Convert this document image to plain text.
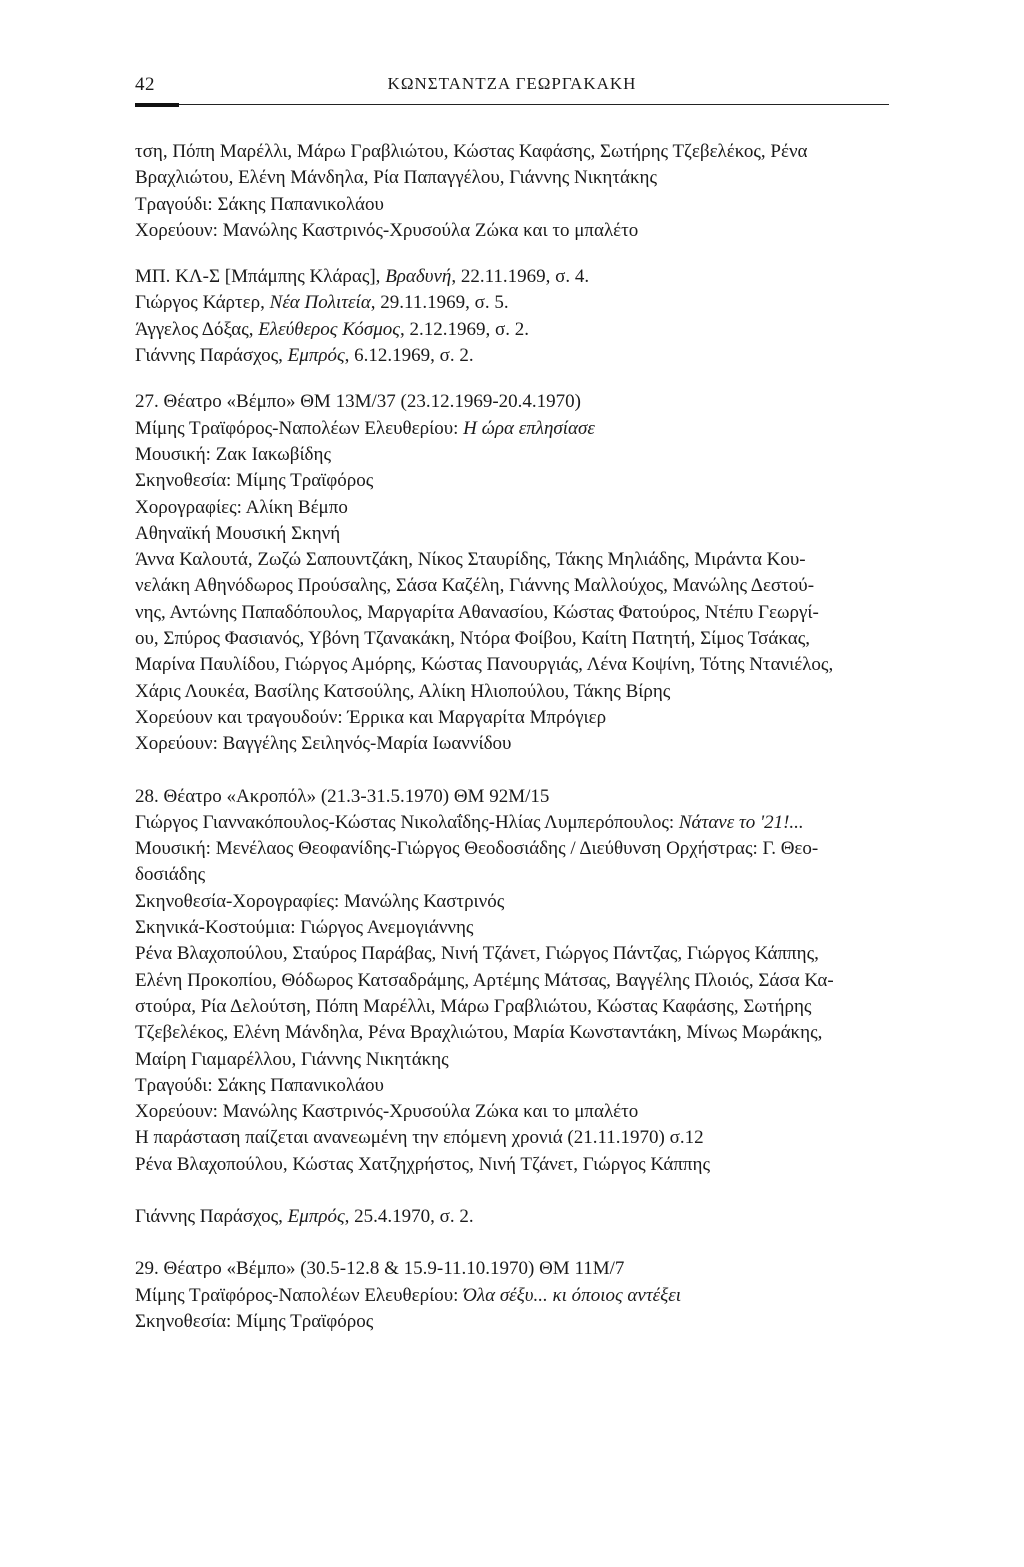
42	ΚΩΝΣΤΑΝΤΖΑ ΓΕΩΡΓΑΚΑΚΗ
τση, Πόπη Μαρέλλι, Μάρω Γραβλιώτου, Κώστας Καφάσης, Σωτήρης Τζεβελέκος, Ρένα
Βραχλιώτου, Ελένη Μάνδηλα, Ρία Παπαγγέλου, Γιάννης Νικητάκης
Τραγούδι: Σάκης Παπανικολάου
Χορεύουν: Μανώλης Καστρινός-Χρυσούλα Ζώκα και το μπαλέτο
ΜΠ. ΚΛ-Σ [Μπάμπης Κλάρας], Βραδυνή, 22.11.1969, σ. 4.
Γιώργος Κάρτερ, Νέα Πολιτεία, 29.11.1969, σ. 5.
Άγγελος Δόξας, Ελεύθερος Κόσμος, 2.12.1969, σ. 2.
Γιάννης Παράσχος, Εμπρός, 6.12.1969, σ. 2.
27. Θέατρο «Βέμπο» ΘΜ 13Μ/37 (23.12.1969-20.4.1970)
Μίμης Τραϊφόρος-Ναπολέων Ελευθερίου: Η ώρα επλησίασε
Μουσική: Ζακ Ιακωβίδης
Σκηνοθεσία: Μίμης Τραϊφόρος
Χορογραφίες: Αλίκη Βέμπο
Αθηναϊκή Μουσική Σκηνή
Άννα Καλουτά, Ζωζώ Σαπουντζάκη, Νίκος Σταυρίδης, Τάκης Μηλιάδης, Μιράντα Κου-
νελάκη Αθηνόδωρος Προύσαλης, Σάσα Καζέλη, Γιάννης Μαλλούχος, Μανώλης Δεστού-
νης, Αντώνης Παπαδόπουλος, Μαργαρίτα Αθανασίου, Κώστας Φατούρος, Ντέπυ Γεωργί-
ου, Σπύρος Φασιανός, Υβόνη Τζανακάκη, Ντόρα Φοίβου, Καίτη Πατητή, Σίμος Τσάκας,
Μαρίνα Παυλίδου, Γιώργος Αμόρης, Κώστας Πανουργιάς, Λένα Κοψίνη, Τότης Ντανιέλος,
Χάρις Λουκέα, Βασίλης Κατσούλης, Αλίκη Ηλιοπούλου, Τάκης Βίρης
Χορεύουν και τραγουδούν: Έρρικα και Μαργαρίτα Μπρόγιερ
Χορεύουν: Βαγγέλης Σειληνός-Μαρία Ιωαννίδου
28. Θέατρο «Ακροπόλ» (21.3-31.5.1970) ΘΜ 92Μ/15
Γιώργος Γιαννακόπουλος-Κώστας Νικολαΐδης-Ηλίας Λυμπερόπουλος: Νάτανε το '21!...
Μουσική: Μενέλαος Θεοφανίδης-Γιώργος Θεοδοσιάδης / Διεύθυνση Ορχήστρας: Γ. Θεο-
δοσιάδης
Σκηνοθεσία-Χορογραφίες: Μανώλης Καστρινός
Σκηνικά-Κοστούμια: Γιώργος Ανεμογιάννης
Ρένα Βλαχοπούλου, Σταύρος Παράβας, Νινή Τζάνετ, Γιώργος Πάντζας, Γιώργος Κάππης,
Ελένη Προκοπίου, Θόδωρος Κατσαδράμης, Αρτέμης Μάτσας, Βαγγέλης Πλοιός, Σάσα Κα-
στούρα, Ρία Δελούτση, Πόπη Μαρέλλι, Μάρω Γραβλιώτου, Κώστας Καφάσης, Σωτήρης
Τζεβελέκος, Ελένη Μάνδηλα, Ρένα Βραχλιώτου, Μαρία Κωνσταντάκη, Μίνως Μωράκης,
Μαίρη Γιαμαρέλλου, Γιάννης Νικητάκης
Τραγούδι: Σάκης Παπανικολάου
Χορεύουν: Μανώλης Καστρινός-Χρυσούλα Ζώκα και το μπαλέτο
Η παράσταση παίζεται ανανεωμένη την επόμενη χρονιά (21.11.1970) σ.12
Ρένα Βλαχοπούλου, Κώστας Χατζηχρήστος, Νινή Τζάνετ, Γιώργος Κάππης
Γιάννης Παράσχος, Εμπρός, 25.4.1970, σ. 2.
29. Θέατρο «Βέμπο» (30.5-12.8 & 15.9-11.10.1970) ΘΜ 11Μ/7
Μίμης Τραϊφόρος-Ναπολέων Ελευθερίου: Όλα σέξυ... κι όποιος αντέξει
Σκηνοθεσία: Μίμης Τραϊφόρος
